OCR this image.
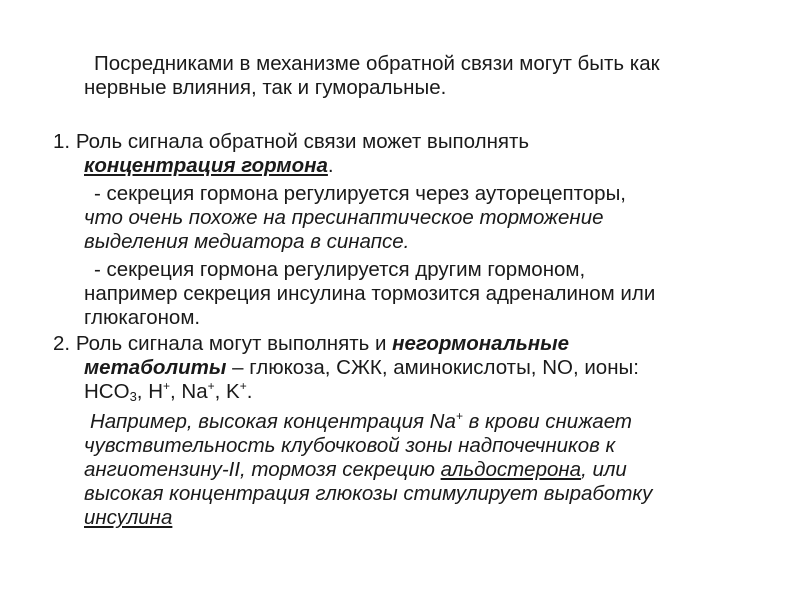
Посредниками в механизме обратной связи могут быть как
нервные влияния, так и гуморальные.
1. Роль сигнала обратной связи может выполнять
концентрация гормона.
- секреция гормона регулируется через ауторецепторы,
что очень похоже на пресинаптическое торможение
выделения медиатора в синапсе.
- секреция гормона регулируется другим гормоном,
например секреция инсулина тормозится адреналином или
глюкагоном.
2. Роль сигнала могут выполнять и негормональные
метаболиты – глюкоза, СЖК, аминокислоты, NO, ионы:
$HCO_3$, H+, Na+, K+.
Например, высокая концентрация Na+ в крови снижает
чувствительность клубочковой зоны надпочечников к
ангиотензину-II, тормозя секрецию альдостерона, или
высокая концентрация глюкозы стимулирует выработку
инсулина
